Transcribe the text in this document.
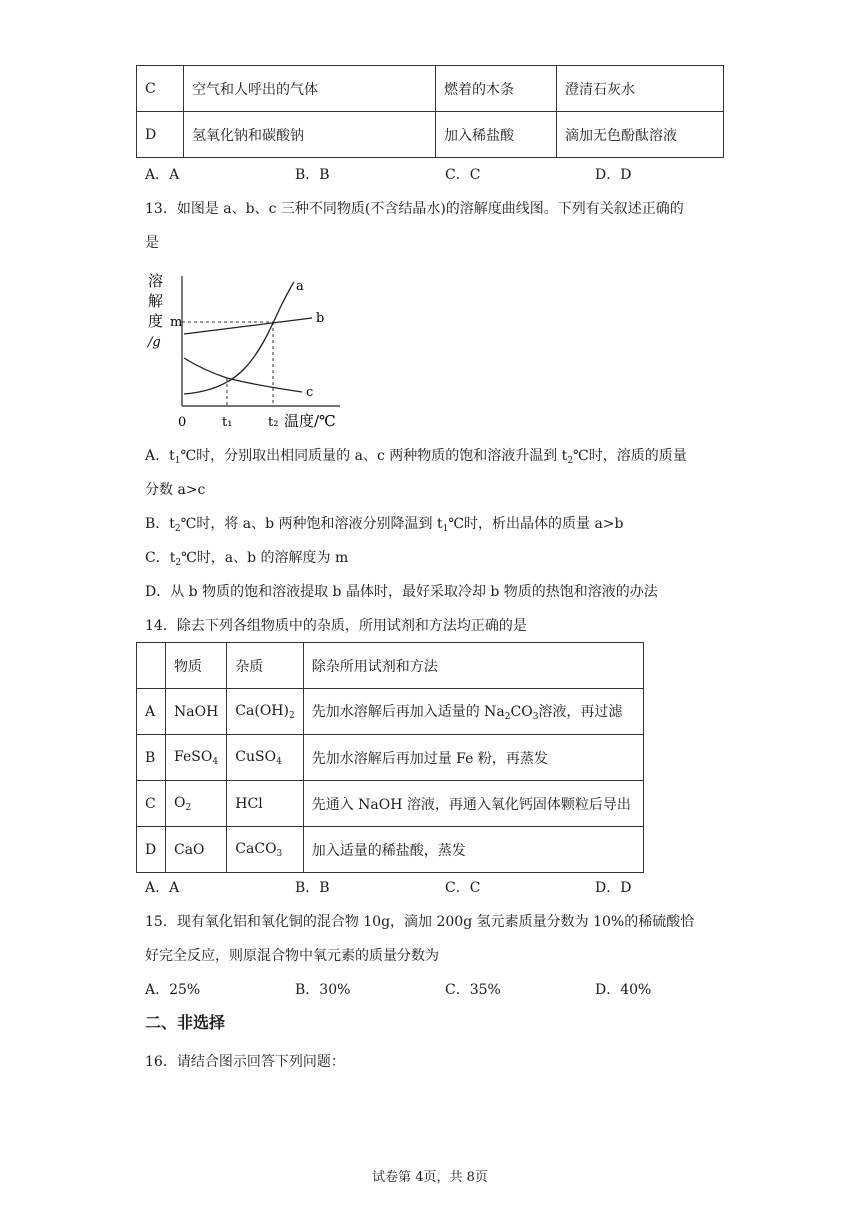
C	空气和人呼出的气体	燃着的木条	澄清石灰水
D	氢氧化钠和碳酸钠	加入稀盐酸	滴加无色酚酞溶液
A．A	B．B	C．C	D．D
13．如图是 a、b、c 三种不同物质(不含结晶水)的溶解度曲线图。下列有关叙述正确的
是
溶
解
度
/g
m
0	t₁	t₂ 温度/℃
a
b
c
A．$t_1℃$时，分别取出相同质量的 a、c 两种物质的饱和溶液升温到 $t_2℃$时，溶质的质量
分数 a>c
B．$t_2℃$时，将 a、b 两种饱和溶液分别降温到 $t_1℃$时，析出晶体的质量 a>b
C．$t_2℃$时，a、b 的溶解度为 m
D．从 b 物质的饱和溶液提取 b 晶体时，最好采取冷却 b 物质的热饱和溶液的办法
14．除去下列各组物质中的杂质，所用试剂和方法均正确的是
	物质	杂质	除杂所用试剂和方法
A	NaOH	$Ca(OH)_2$	先加水溶解后再加入适量的 $Na_2CO_3$溶液，再过滤
B	FeSO$_4$	CuSO$_4$	先加水溶解后再加过量 Fe 粉，再蒸发
C	$O_2$	HCl	先通入 NaOH 溶液，再通入氧化钙固体颗粒后导出
D	CaO	CaCO$_3$	加入适量的稀盐酸，蒸发
A．A	B．B	C．C	D．D
15．现有氧化铝和氧化铜的混合物 10g，滴加 200g 氢元素质量分数为 10%的稀硫酸恰
好完全反应，则原混合物中氧元素的质量分数为
A．25%	B．30%	C．35%	D．40%
二、非选择
16．请结合图示回答下列问题：
试卷第 4页，共 8页
